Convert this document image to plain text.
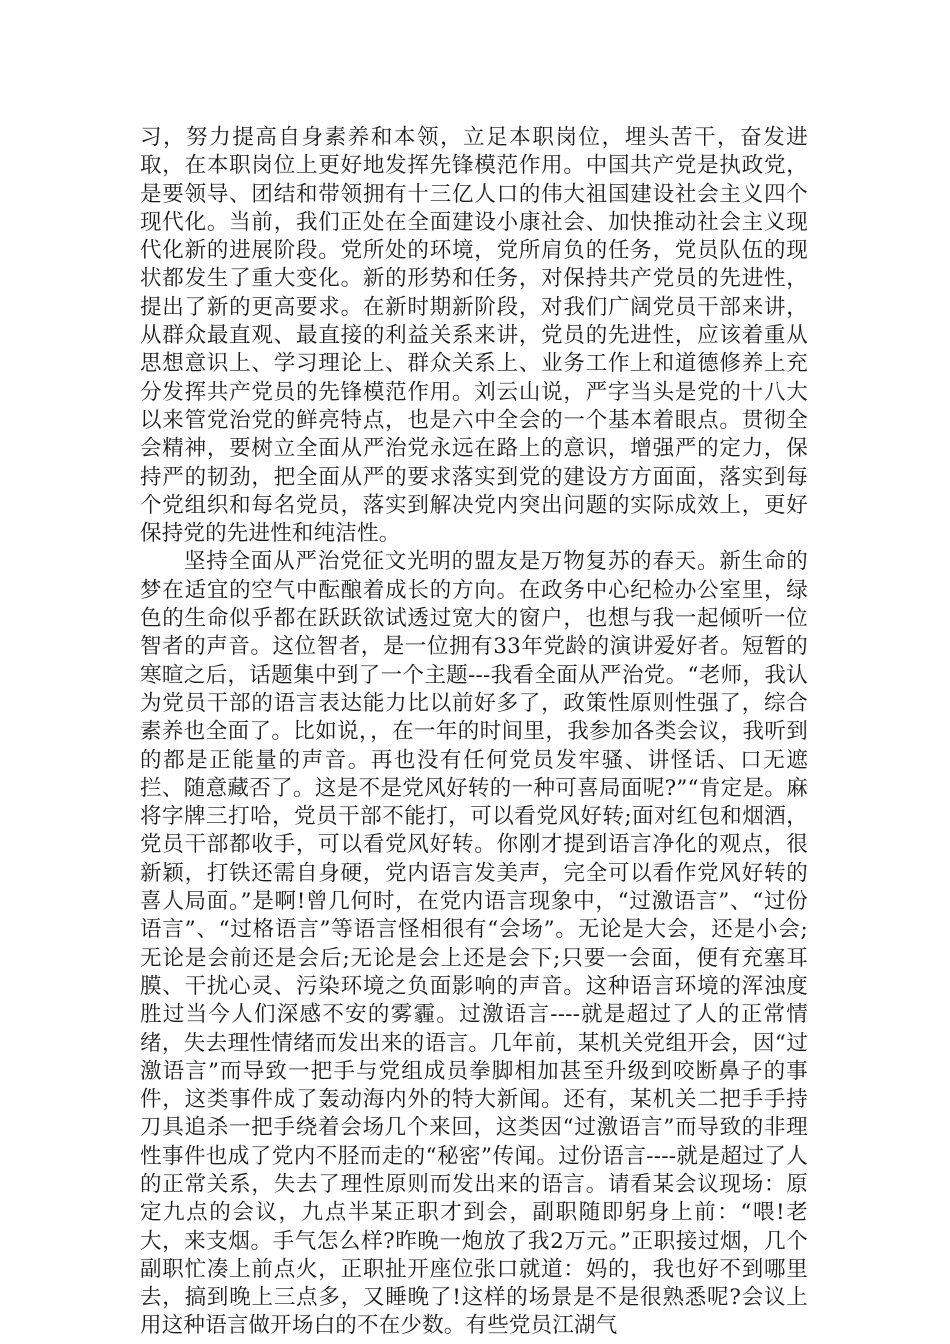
习，努力提高自身素养和本领，立足本职岗位，埋头苦干，奋发进取，在本职岗位上更好地发挥先锋模范作用。中国共产党是执政党，是要领导、团结和带领拥有十三亿人口的伟大祖国建设社会主义四个现代化。当前，我们正处在全面建设小康社会、加快推动社会主义现代化新的进展阶段。党所处的环境，党所肩负的任务，党员队伍的现状都发生了重大变化。新的形势和任务，对保持共产党员的先进性，提出了新的更高要求。在新时期新阶段，对我们广阔党员干部来讲，从群众最直观、最直接的利益关系来讲，党员的先进性，应该着重从思想意识上、学习理论上、群众关系上、业务工作上和道德修养上充分发挥共产党员的先锋模范作用。刘云山说，严字当头是党的十八大以来管党治党的鲜亮特点，也是六中全会的一个基本着眼点。贯彻全会精神，要树立全面从严治党永远在路上的意识，增强严的定力，保持严的韧劲，把全面从严的要求落实到党的建设方方面面，落实到每个党组织和每名党员，落实到解决党内突出问题的实际成效上，更好保持党的先进性和纯洁性。

坚持全面从严治党征文光明的盟友是万物复苏的春天。新生命的梦在适宜的空气中酝酿着成长的方向。在政务中心纪检办公室里，绿色的生命似乎都在跃跃欲试透过宽大的窗户，也想与我一起倾听一位智者的声音。这位智者，是一位拥有33年党龄的演讲爱好者。短暂的寒暄之后，话题集中到了一个主题---我看全面从严治党。“老师，我认为党员干部的语言表达能力比以前好多了，政策性原则性强了，综合素养也全面了。比如说，，在一年的时间里，我参加各类会议，我听到的都是正能量的声音。再也没有任何党员发牢骚、讲怪话、口无遮拦、随意藏否了。这是不是党风好转的一种可喜局面呢?”“肯定是。麻将字牌三打哈，党员干部不能打，可以看党风好转;面对红包和烟酒，党员干部都收手，可以看党风好转。你刚才提到语言净化的观点，很新颖，打铁还需自身硬，党内语言发美声，完全可以看作党风好转的喜人局面。”是啊!曾几何时，在党内语言现象中，“过激语言”、“过份语言”、“过格语言”等语言怪相很有“会场”。无论是大会，还是小会;无论是会前还是会后;无论是会上还是会下;只要一会面，便有充塞耳膜、干扰心灵、污染环境之负面影响的声音。这种语言环境的浑浊度胜过当今人们深感不安的雾霾。过激语言----就是超过了人的正常情绪，失去理性情绪而发出来的语言。几年前，某机关党组开会，因“过激语言”而导致一把手与党组成员拳脚相加甚至升级到咬断鼻子的事件，这类事件成了轰动海内外的特大新闻。还有，某机关二把手手持刀具追杀一把手绕着会场几个来回，这类因“过激语言”而导致的非理性事件也成了党内不胫而走的“秘密”传闻。过份语言----就是超过了人的正常关系，失去了理性原则而发出来的语言。请看某会议现场：原定九点的会议，九点半某正职才到会，副职随即躬身上前：“喂!老大，来支烟。手气怎么样?昨晚一炮放了我2万元。”正职接过烟，几个副职忙凑上前点火，正职扯开座位张口就道：妈的，我也好不到哪里去，搞到晚上三点多，又睡晚了!这样的场景是不是很熟悉呢?会议上用这种语言做开场白的不在少数。有些党员江湖气
